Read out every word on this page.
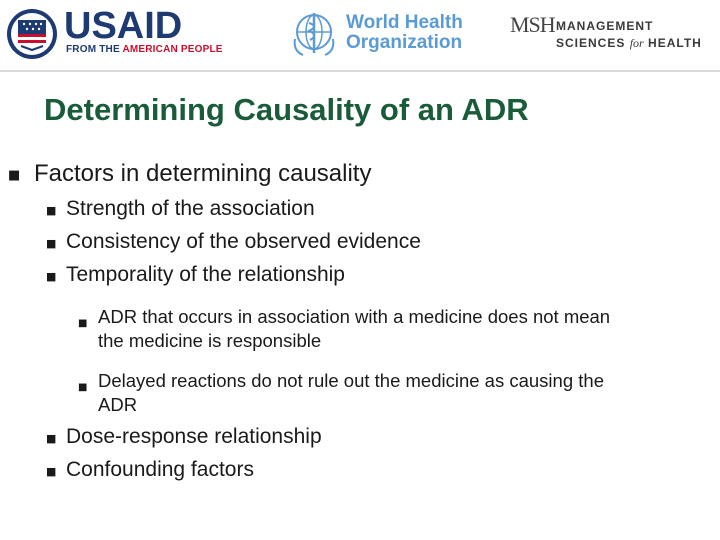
USAID
FROM THE AMERICAN PEOPLE
World Health
Organization
MSH MANAGEMENT
SCIENCES for HEALTH
Determining Causality of an ADR
■ Factors in determining causality
■ Strength of the association
■ Consistency of the observed evidence
■ Temporality of the relationship
■ ADR that occurs in association with a medicine does not mean the medicine is responsible
■ Delayed reactions do not rule out the medicine as causing the ADR
■ Dose-response relationship
■ Confounding factors
